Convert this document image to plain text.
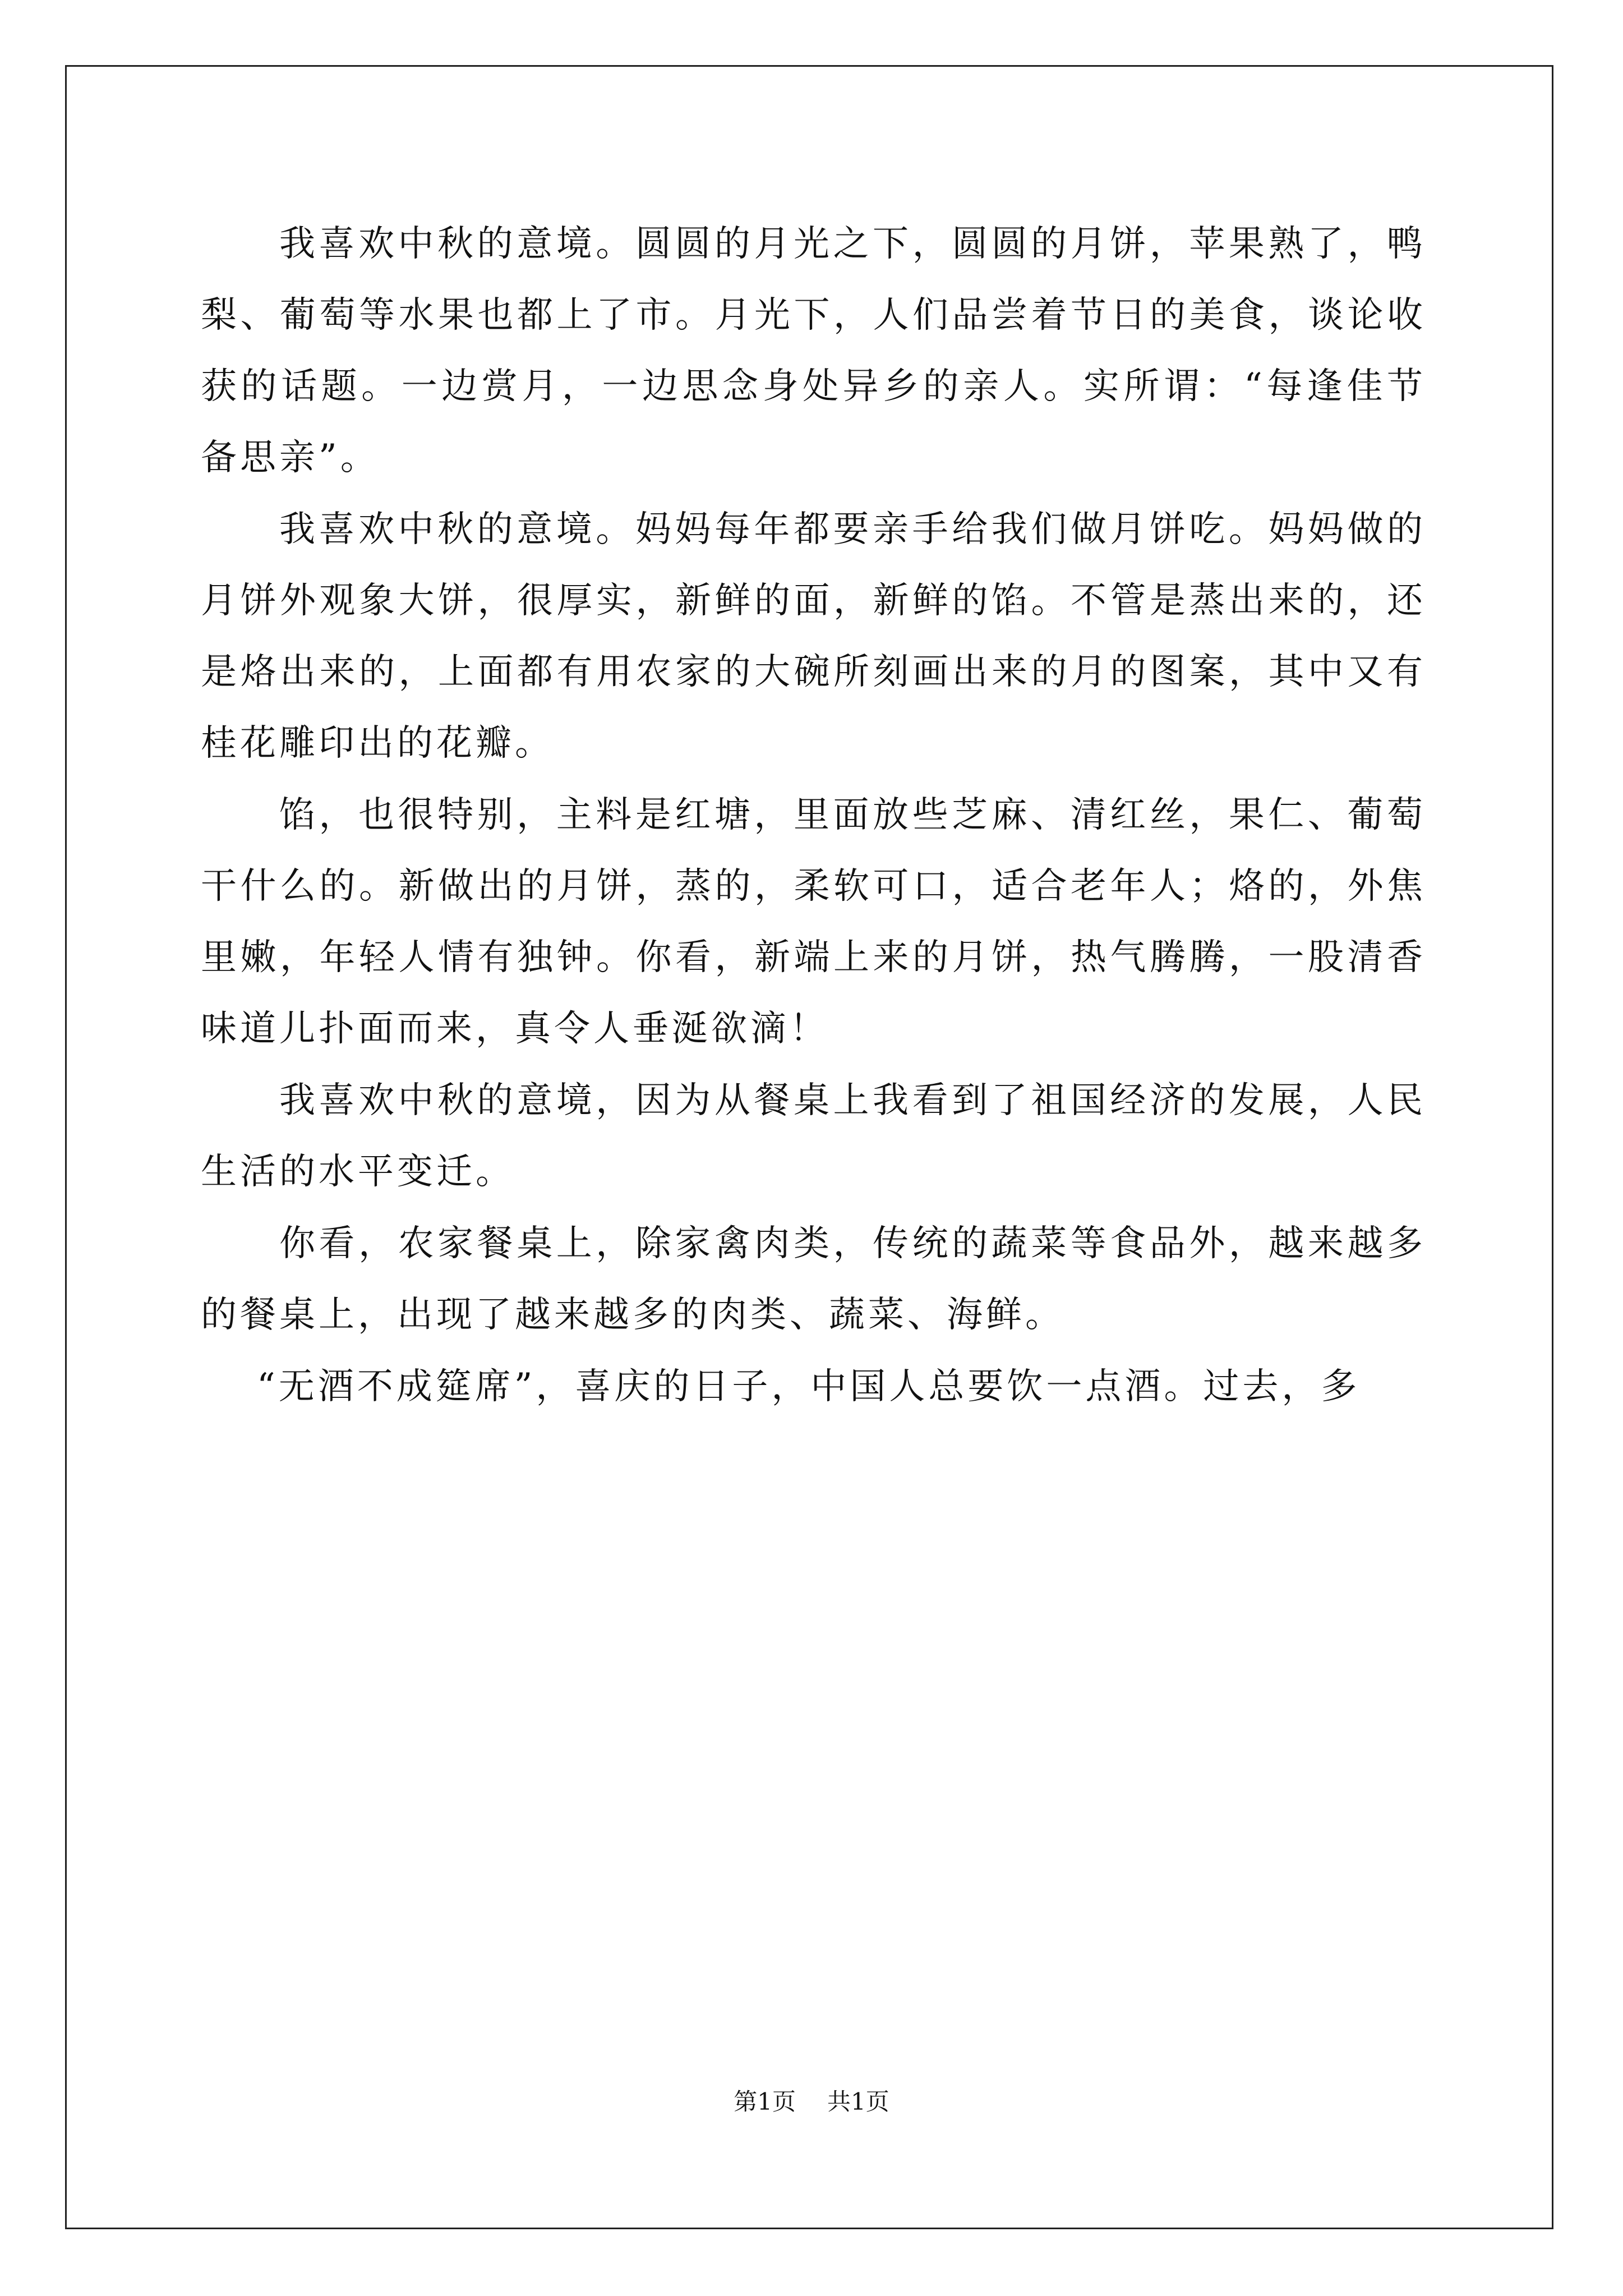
我喜欢中秋的意境。圆圆的月光之下，圆圆的月饼，苹果熟了，鸭梨、葡萄等水果也都上了市。月光下，人们品尝着节日的美食，谈论收获的话题。一边赏月，一边思念身处异乡的亲人。实所谓：“每逢佳节备思亲”。

我喜欢中秋的意境。妈妈每年都要亲手给我们做月饼吃。妈妈做的月饼外观象大饼，很厚实，新鲜的面，新鲜的馅。不管是蒸出来的，还是烙出来的，上面都有用农家的大碗所刻画出来的月的图案，其中又有桂花雕印出的花瓣。

馅，也很特别，主料是红塘，里面放些芝麻、清红丝，果仁、葡萄干什么的。新做出的月饼，蒸的，柔软可口，适合老年人；烙的，外焦里嫩，年轻人情有独钟。你看，新端上来的月饼，热气腾腾，一股清香味道儿扑面而来，真令人垂涎欲滴！

我喜欢中秋的意境，因为从餐桌上我看到了祖国经济的发展，人民生活的水平变迁。

你看，农家餐桌上，除家禽肉类，传统的蔬菜等食品外，越来越多的餐桌上，出现了越来越多的肉类、蔬菜、海鲜。

“无酒不成筵席”，喜庆的日子，中国人总要饮一点酒。过去，多

第1页 共1页
